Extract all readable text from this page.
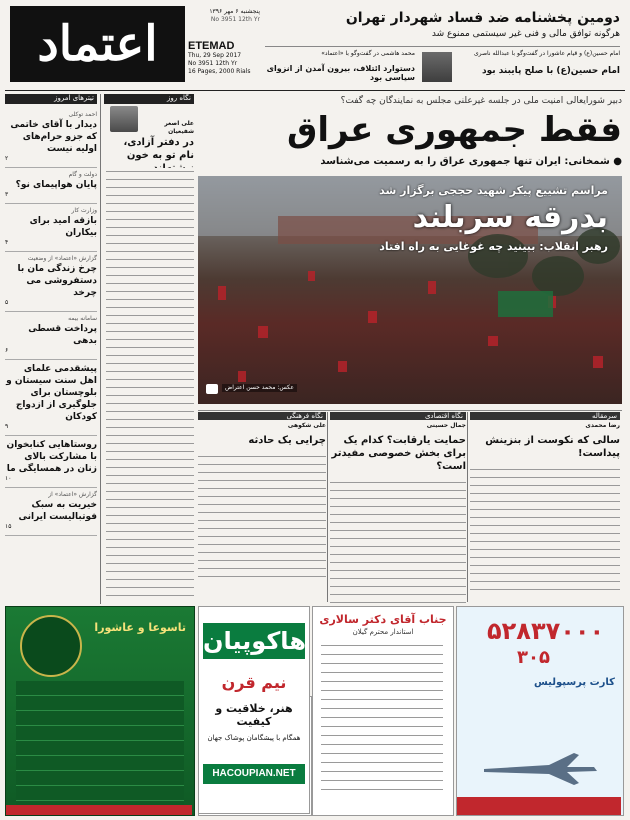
اعتماد
پنجشنبه ۶ مهر ۱۳۹۶
No 3951 12th Yr
ETEMAD
Thu, 29 Sep 2017
No 3951 12th Yr
16 Pages, 2000 Rials
دومین پخشنامه ضد فساد شهردار تهران
هرگونه توافق مالی و فنی غیر سیستمی ممنوع شد
امام حسین(ع) و قیام عاشورا در گفت‌وگو با عبدالله ناصری
امام حسین(ع) با صلح پایبند بود
محمد هاشمی در گفت‌وگو با «اعتماد»
دستوارد ائتلاف، بیرون آمدن از انزوای سیاسی بود
تیترهای امروز
احمد توکلی
دیدار با آقای خاتمی که جزو حرام‌های اولیه نیست
۲
دولت و گام
پایان هواپیمای نو؟
۳
وزارت کار
بازقه امید برای بیکاران
۴
گزارش «اعتماد» از وضعیت
چرخ زندگی‌ مان با دستفروشی می‌ چرخد
۵
سامانه بیمه
پرداخت قسطی بدهی
۶
پیشقدمی علمای اهل سنت سیستان و بلوچستان برای جلوگیری از ازدواج کودکان
۹
روستاهایی کنابخوان با مشارکت بالای زنان در همسایگی ما
۱۰
گزارش «اعتماد» از
خیریت به سبک فوتبالیست ایرانی
۱۵
نگاه روز
علی اصغر شفیعیان
در دفتر آزادی، نام تو به خون
دبیر شورایعالی امنیت ملی در جلسه غیرعلنی مجلس به نمایندگان چه گفت؟
فقط جمهوری عراق
● شمخانی: ایران تنها جمهوری عراق را به رسمیت می‌شناسد
مراسم تشییع پیکر شهید حججی برگزار شد
بدرقه سربلند
رهبر انقلاب: ببینید چه غوغایی به راه افتاد
عکس: محمد حسن اعتراض
سرمقاله
رضا محمدی
سالی که نکوست از بنزینش پیداست!
نگاه اقتصادی
جمال حسینی
حمایت یارقابت؟ کدام یک برای بخش خصوصی مفیدتر است؟
نگاه فرهنگی
علی شکوهی
چرایی یک حادثه
تاسوعا و عاشورا
جناب آقای دکتر سالاری
استاندار محترم گیلان	۵۲۸۳۷۰۰۰
۳۰۵
کارت پرسپولیس
هاكوپيان
نیم قرن
هنر، خلاقیت و کیفیت
همگام با پیشگامان پوشاک جهان
HACOUPIAN.NET
